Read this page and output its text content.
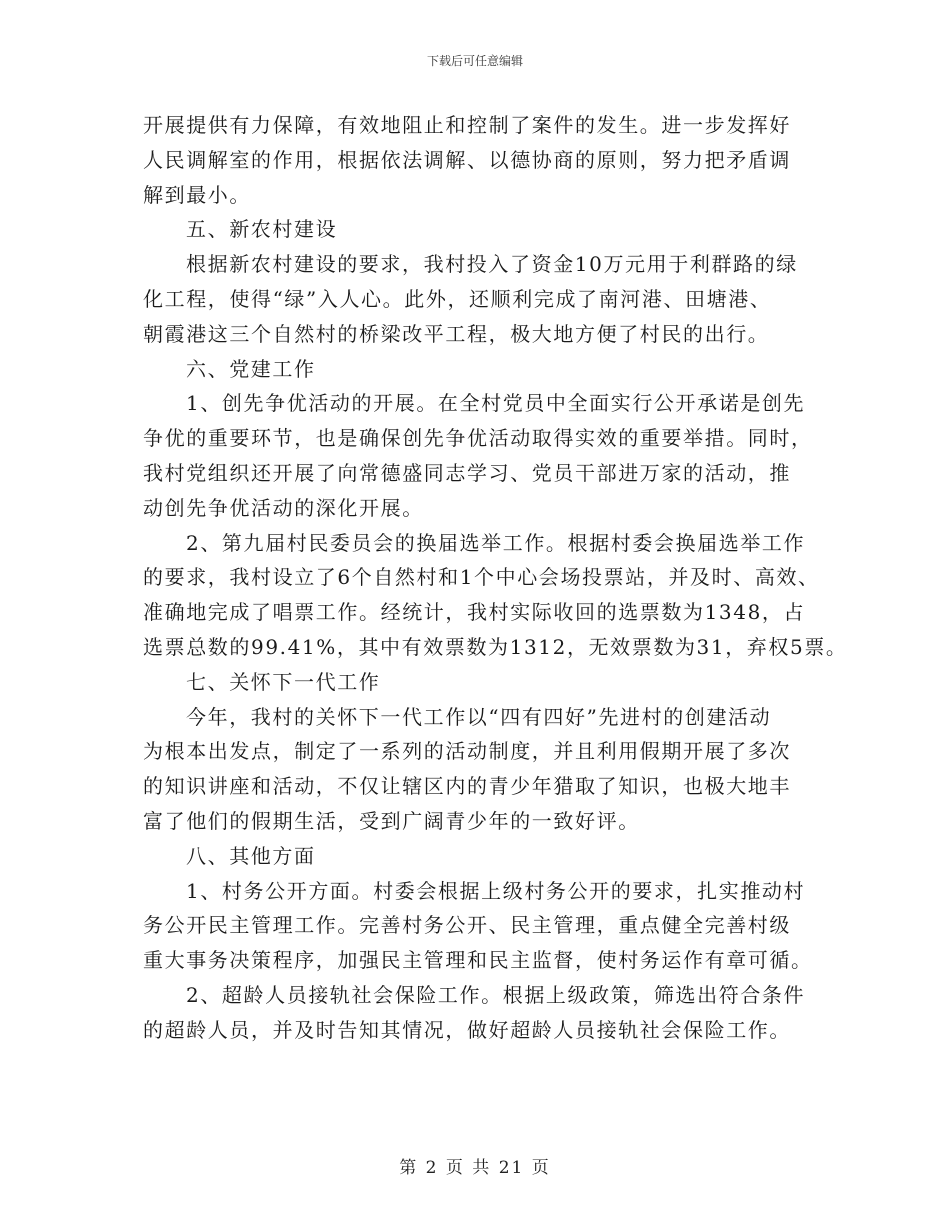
下载后可任意编辑
开展提供有力保障，有效地阻止和控制了案件的发生。进一步发挥好
人民调解室的作用，根据依法调解、以德协商的原则，努力把矛盾调
解到最小。
五、新农村建设
根据新农村建设的要求，我村投入了资金10万元用于利群路的绿
化工程，使得“绿”入人心。此外，还顺利完成了南河港、田塘港、
朝霞港这三个自然村的桥梁改平工程，极大地方便了村民的出行。
六、党建工作
1、创先争优活动的开展。在全村党员中全面实行公开承诺是创先
争优的重要环节，也是确保创先争优活动取得实效的重要举措。同时，
我村党组织还开展了向常德盛同志学习、党员干部进万家的活动，推
动创先争优活动的深化开展。
2、第九届村民委员会的换届选举工作。根据村委会换届选举工作
的要求，我村设立了6个自然村和1个中心会场投票站，并及时、高效、
准确地完成了唱票工作。经统计，我村实际收回的选票数为1348，占
选票总数的99.41%，其中有效票数为1312，无效票数为31，弃权5票。
七、关怀下一代工作
今年，我村的关怀下一代工作以“四有四好”先进村的创建活动
为根本出发点，制定了一系列的活动制度，并且利用假期开展了多次
的知识讲座和活动，不仅让辖区内的青少年猎取了知识，也极大地丰
富了他们的假期生活，受到广阔青少年的一致好评。
八、其他方面
1、村务公开方面。村委会根据上级村务公开的要求，扎实推动村
务公开民主管理工作。完善村务公开、民主管理，重点健全完善村级
重大事务决策程序，加强民主管理和民主监督，使村务运作有章可循。
2、超龄人员接轨社会保险工作。根据上级政策，筛选出符合条件
的超龄人员，并及时告知其情况，做好超龄人员接轨社会保险工作。
第 2 页 共 21 页
